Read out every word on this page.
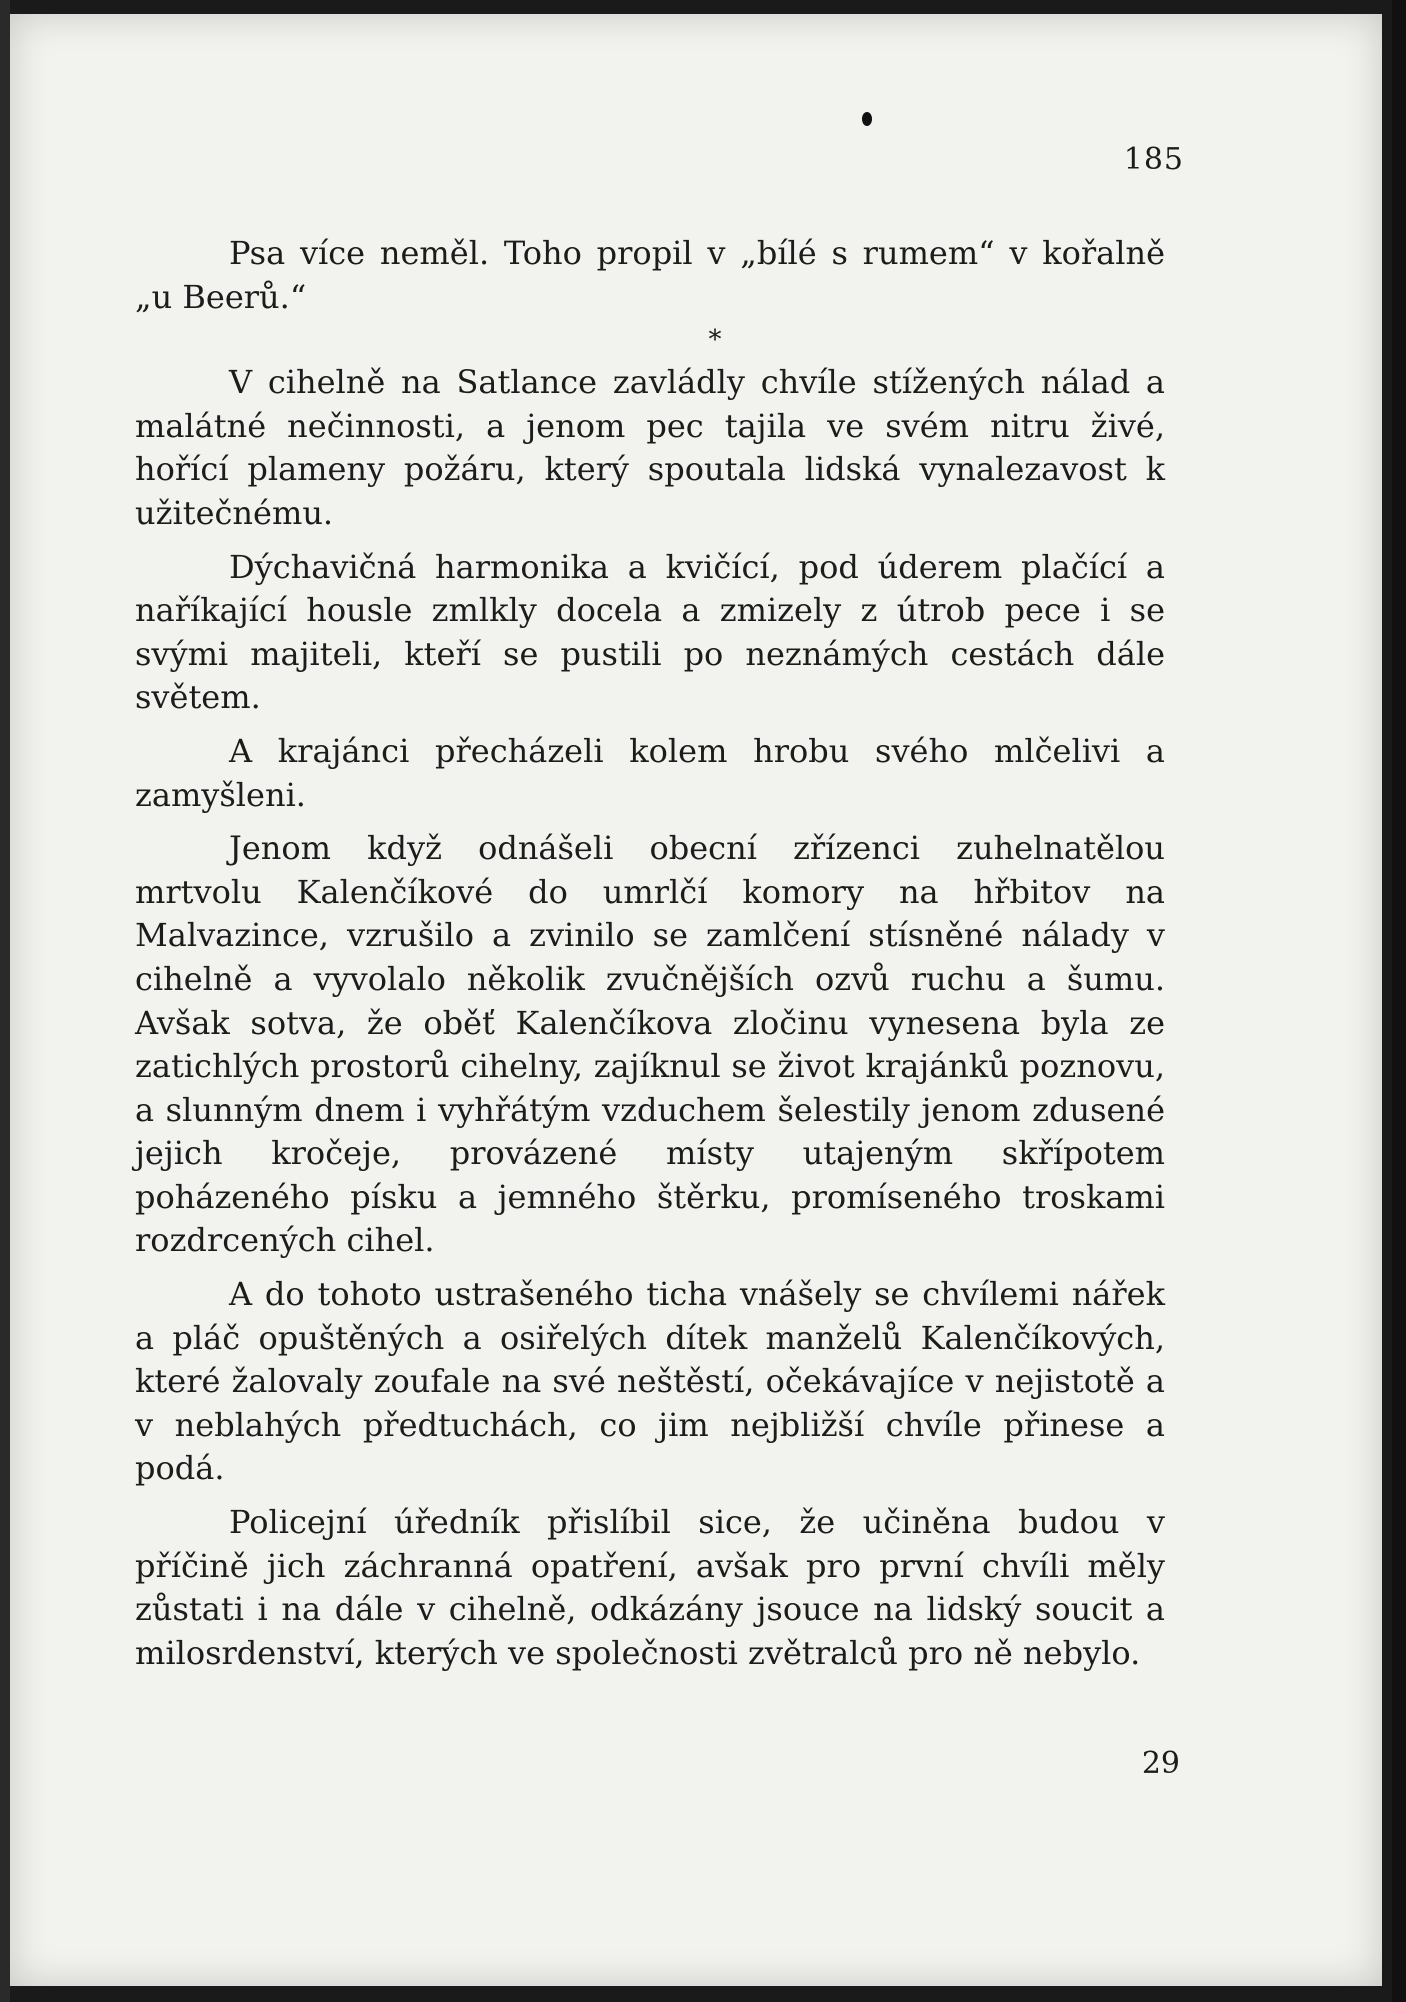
185

Psa více neměl. Toho propil v „bílé s rumem“ v kořalně „u Beerů.“

*

V cihelně na Satlance zavládly chvíle stížených nálad a malátné nečinnosti, a jenom pec tajila ve svém nitru živé, hořící plameny požáru, který spoutala lidská vynalezavost k užitečnému.

Dýchavičná harmonika a kvičící, pod úderem plačící a naříkající housle zmlkly docela a zmizely z útrob pece i se svými majiteli, kteří se pustili po neznámých cestách dále světem.

A krajánci přecházeli kolem hrobu svého mlčelivi a zamyšleni.

Jenom když odnášeli obecní zřízenci zuhelnatělou mrtvolu Kalenčíkové do umrlčí komory na hřbitov na Malvazince, vzrušilo a zvinilo se zamlčení stísněné nálady v cihelně a vyvolalo několik zvučnějších ozvů ruchu a šumu. Avšak sotva, že oběť Kalenčíkova zločinu vynesena byla ze zatichlých prostorů cihelny, zajíknul se život krajánků poznovu, a slunným dnem i vyhřátým vzduchem šelestily jenom zdusené jejich kročeje, provázené místy utajeným skřípotem poházeného písku a jemného štěrku, promíseného troskami rozdrcených cihel.

A do tohoto ustrašeného ticha vnášely se chvílemi nářek a pláč opuštěných a osiřelých dítek manželů Kalenčíkových, které žalovaly zoufale na své neštěstí, očekávajíce v nejistotě a v neblahých předtuchách, co jim nejbližší chvíle přinese a podá.

Policejní úředník přislíbil sice, že učiněna budou v příčině jich záchranná opatření, avšak pro první chvíli měly zůstati i na dále v cihelně, odkázány jsouce na lidský soucit a milosrdenství, kterých ve společnosti zvětralců pro ně nebylo.

29
